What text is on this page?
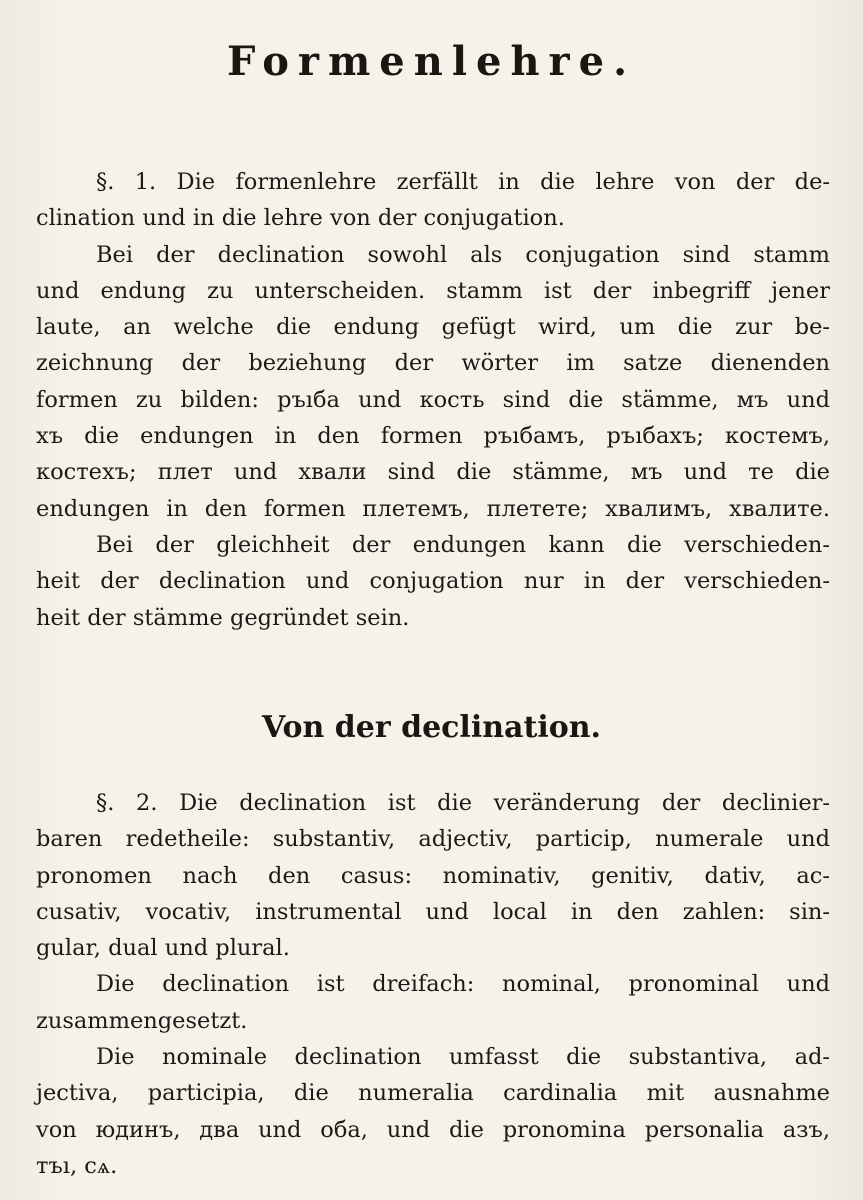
Formenlehre.
§. 1. Die formenlehre zerfällt in die lehre von der de-
clination und in die lehre von der conjugation.
Bei der declination sowohl als conjugation sind stamm
und endung zu unterscheiden. stamm ist der inbegriff jener
laute, an welche die endung gefügt wird, um die zur be-
zeichnung der beziehung der wörter im satze dienenden
formen zu bilden: ръıба und кость sind die stämme, мъ und
хъ die endungen in den formen ръıбамъ, ръıбахъ; костемъ,
костехъ; плет und хвали sind die stämme, мъ und те die
endungen in den formen плетемъ, плетете; хвалимъ, хвалите.
Bei der gleichheit der endungen kann die verschieden-
heit der declination und conjugation nur in der verschieden-
heit der stämme gegründet sein.
Von der declination.
§. 2. Die declination ist die veränderung der declinier-
baren redetheile: substantiv, adjectiv, particip, numerale und
pronomen nach den casus: nominativ, genitiv, dativ, ac-
cusativ, vocativ, instrumental und local in den zahlen: sin-
gular, dual und plural.
Die declination ist dreifach: nominal, pronominal und
zusammengesetzt.
Die nominale declination umfasst die substantiva, ad-
jectiva, participia, die numeralia cardinalia mit ausnahme
von юдинъ, два und оба, und die pronomina personalia азъ,
тъı, сѧ.
